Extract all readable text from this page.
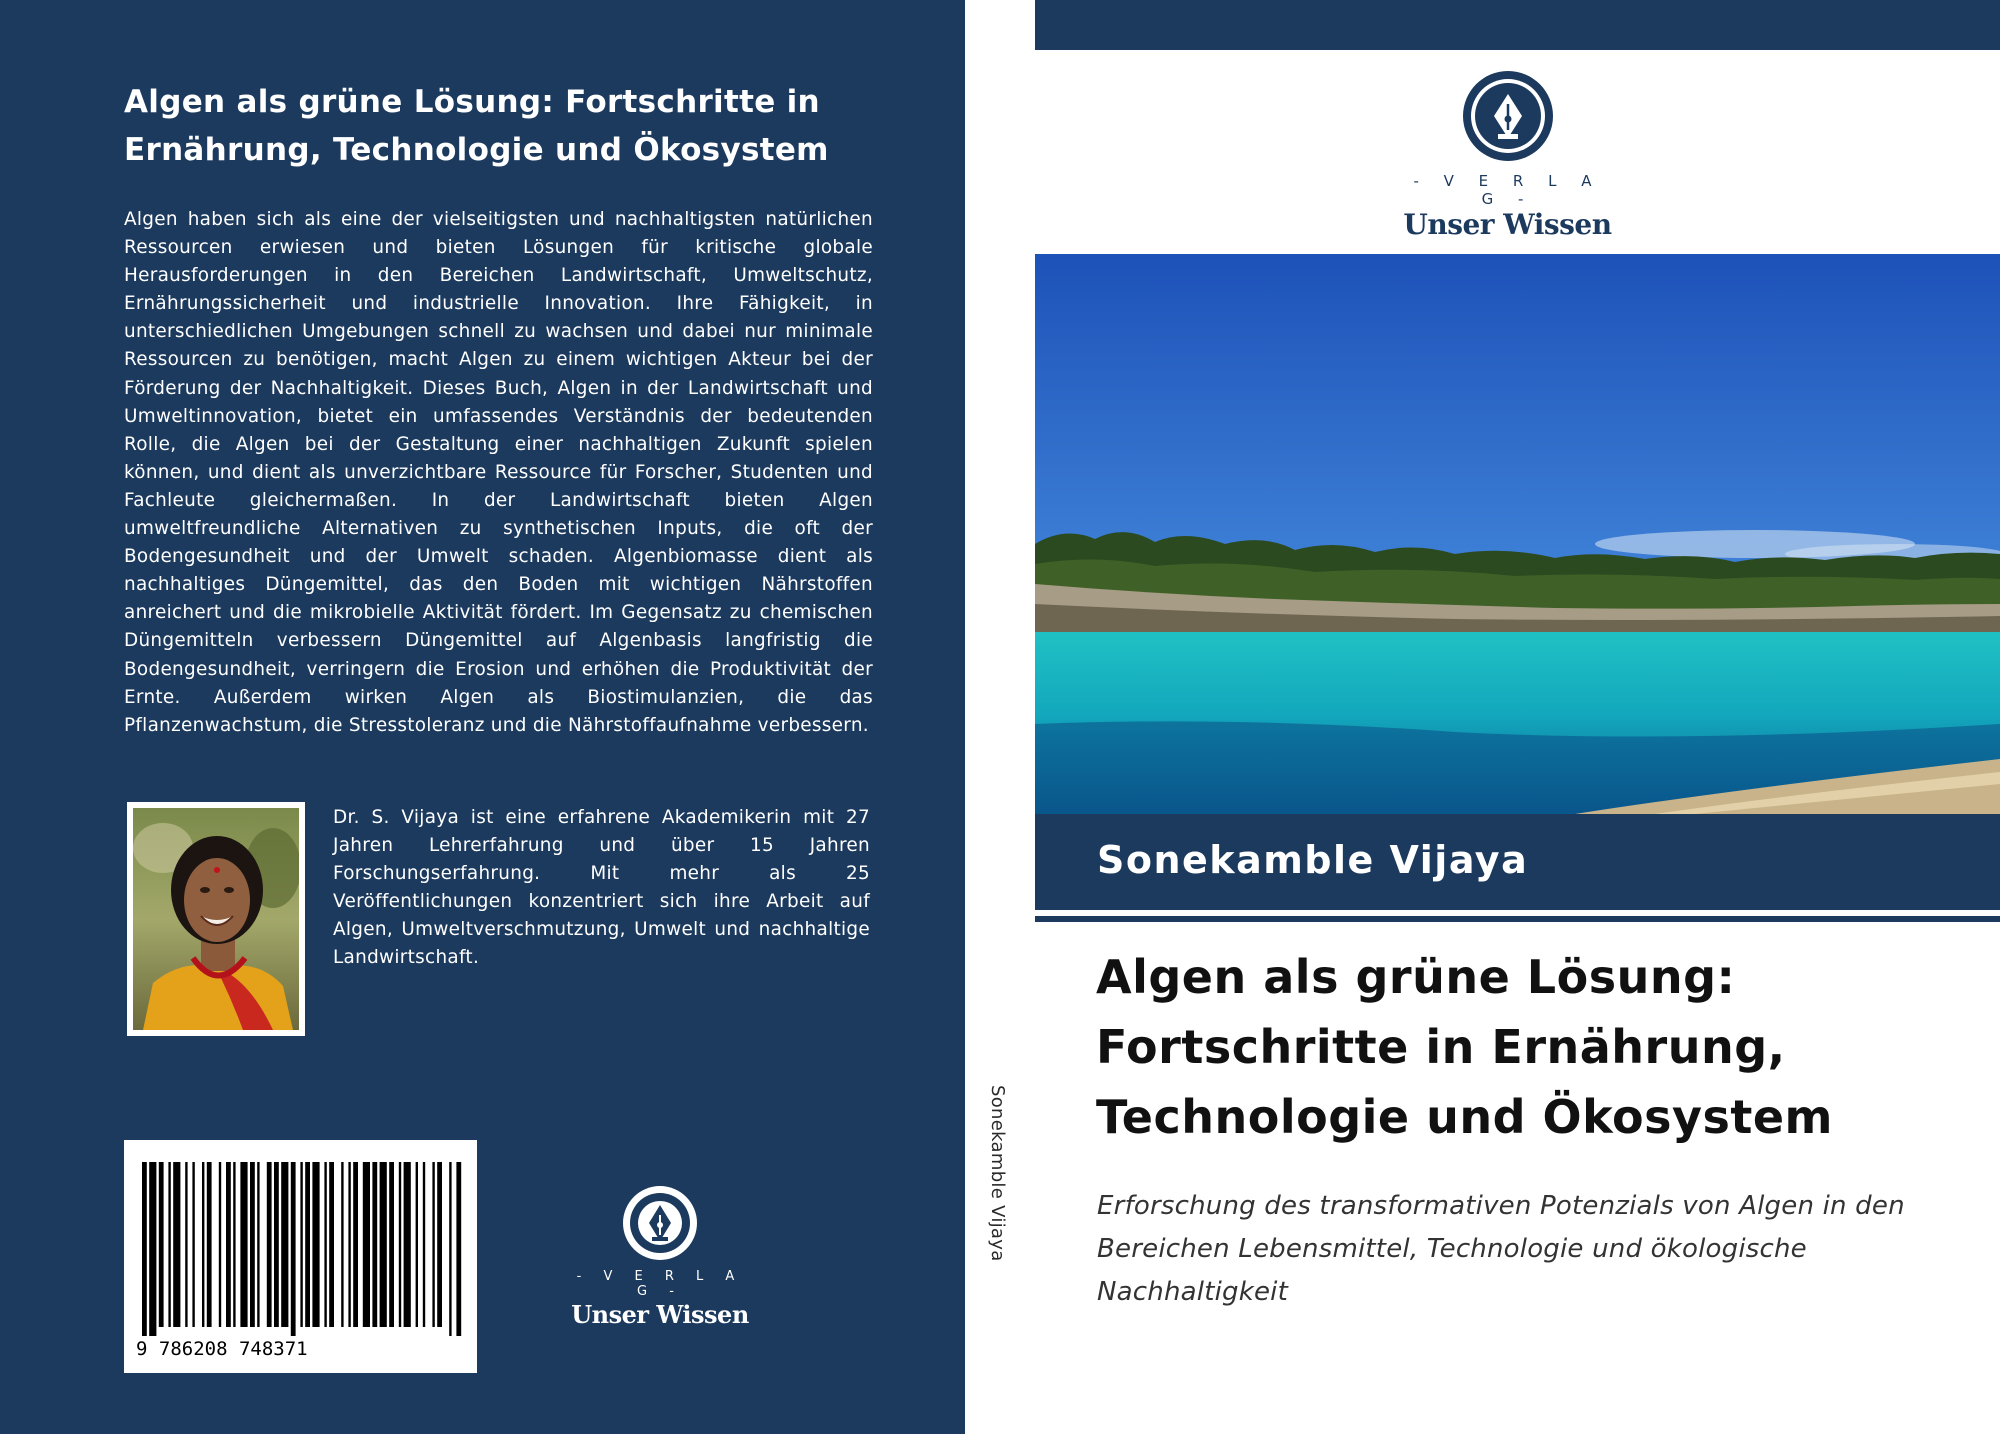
Algen als grüne Lösung: Fortschritte in Ernährung, Technologie und Ökosystem
Algen haben sich als eine der vielseitigsten und nachhaltigsten natürlichen Ressourcen erwiesen und bieten Lösungen für kritische globale Herausforderungen in den Bereichen Landwirtschaft, Umweltschutz, Ernährungssicherheit und industrielle Innovation. Ihre Fähigkeit, in unterschiedlichen Umgebungen schnell zu wachsen und dabei nur minimale Ressourcen zu benötigen, macht Algen zu einem wichtigen Akteur bei der Förderung der Nachhaltigkeit. Dieses Buch, Algen in der Landwirtschaft und Umweltinnovation, bietet ein umfassendes Verständnis der bedeutenden Rolle, die Algen bei der Gestaltung einer nachhaltigen Zukunft spielen können, und dient als unverzichtbare Ressource für Forscher, Studenten und Fachleute gleichermaßen. In der Landwirtschaft bieten Algen umweltfreundliche Alternativen zu synthetischen Inputs, die oft der Bodengesundheit und der Umwelt schaden. Algenbiomasse dient als nachhaltiges Düngemittel, das den Boden mit wichtigen Nährstoffen anreichert und die mikrobielle Aktivität fördert. Im Gegensatz zu chemischen Düngemitteln verbessern Düngemittel auf Algenbasis langfristig die Bodengesundheit, verringern die Erosion und erhöhen die Produktivität der Ernte. Außerdem wirken Algen als Biostimulanzien, die das Pflanzenwachstum, die Stresstoleranz und die Nährstoffaufnahme verbessern.
Dr. S. Vijaya ist eine erfahrene Akademikerin mit 27 Jahren Lehrerfahrung und über 15 Jahren Forschungserfahrung. Mit mehr als 25 Veröffentlichungen konzentriert sich ihre Arbeit auf Algen, Umweltverschmutzung, Umwelt und nachhaltige Landwirtschaft.
9 786208 748371
- V E R L A G -
Unser Wissen
Sonekamble Vijaya
- V E R L A G -
Unser Wissen
Sonekamble Vijaya
Algen als grüne Lösung: Fortschritte in Ernährung, Technologie und Ökosystem
Erforschung des transformativen Potenzials von Algen in den Bereichen Lebensmittel, Technologie und ökologische Nachhaltigkeit
